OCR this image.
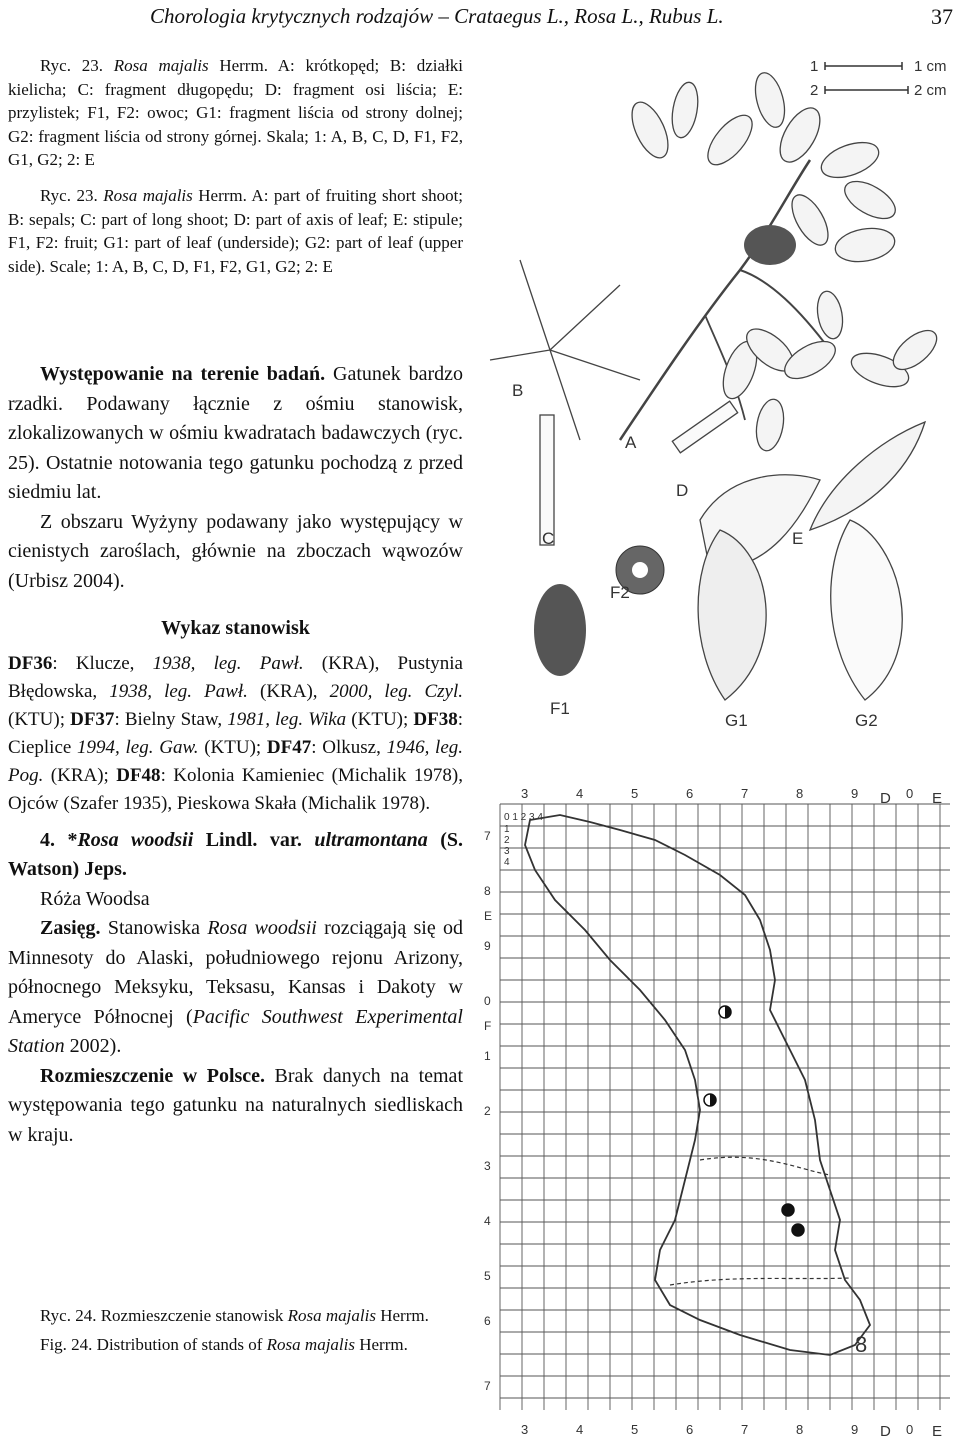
Chorologia krytycznych rodzajów – Crataegus L., Rosa L., Rubus L.	37
Ryc. 23. Rosa majalis Herrm. A: krótkopęd; B: działki kielicha; C: fragment długopędu; D: fragment osi liścia; E: przylistek; F1, F2: owoc; G1: fragment liścia od strony dolnej; G2: fragment liścia od strony górnej. Skala; 1: A, B, C, D, F1, F2, G1, G2; 2: E
Ryc. 23. Rosa majalis Herrm. A: part of fruiting short shoot; B: sepals; C: part of long shoot; D: part of axis of leaf; E: stipule; F1, F2: fruit; G1: part of leaf (underside); G2: part of leaf (upper side). Scale; 1: A, B, C, D, F1, F2, G1, G2; 2: E

Występowanie na terenie badań. Gatunek bardzo rzadki. Podawany łącznie z ośmiu stanowisk, zlokalizowanych w ośmiu kwadratach badawczych (ryc. 25). Ostatnie notowania tego gatunku pochodzą z przed siedmiu lat.

Z obszaru Wyżyny podawany jako występujący w cienistych zaroślach, głównie na zboczach wąwozów (Urbisz 2004).

Wykaz stanowisk

DF36: Klucze, 1938, leg. Pawł. (KRA), Pustynia Błędowska, 1938, leg. Pawł. (KRA), 2000, leg. Czyl. (KTU); DF37: Bielny Staw, 1981, leg. Wika (KTU); DF38: Cieplice 1994, leg. Gaw. (KTU); DF47: Olkusz, 1946, leg. Pog. (KRA); DF48: Kolonia Kamieniec (Michalik 1978), Ojców (Szafer 1935), Pieskowa Skała (Michalik 1978).

4. *Rosa woodsii Lindl. var. ultramontana (S. Watson) Jeps.

Róża Woodsa

Zasięg. Stanowiska Rosa woodsii rozciągają się od Minnesoty do Alaski, południowego rejonu Arizony, północnego Meksyku, Teksasu, Kansas i Dakoty w Ameryce Północnej (Pacific Southwest Experimental Station 2002).

Rozmieszczenie w Polsce. Brak danych na temat występowania tego gatunku na naturalnych siedliskach w kraju.

Ryc. 24. Rozmieszczenie stanowisk Rosa majalis Herrm.

Fig. 24. Distribution of stands of Rosa majalis Herrm.

1	1 cm
2	2 cm
A
B
C
D
E
F1
F2
G1	G2
3	4	5	6	7	8	9	0
3	4	5	6	7	8	9	0
D	E
D	E
7
8
E
9
0
F
1
2
3
4
5
6
7
0 1 2 3 4
1
2
3
4
8
